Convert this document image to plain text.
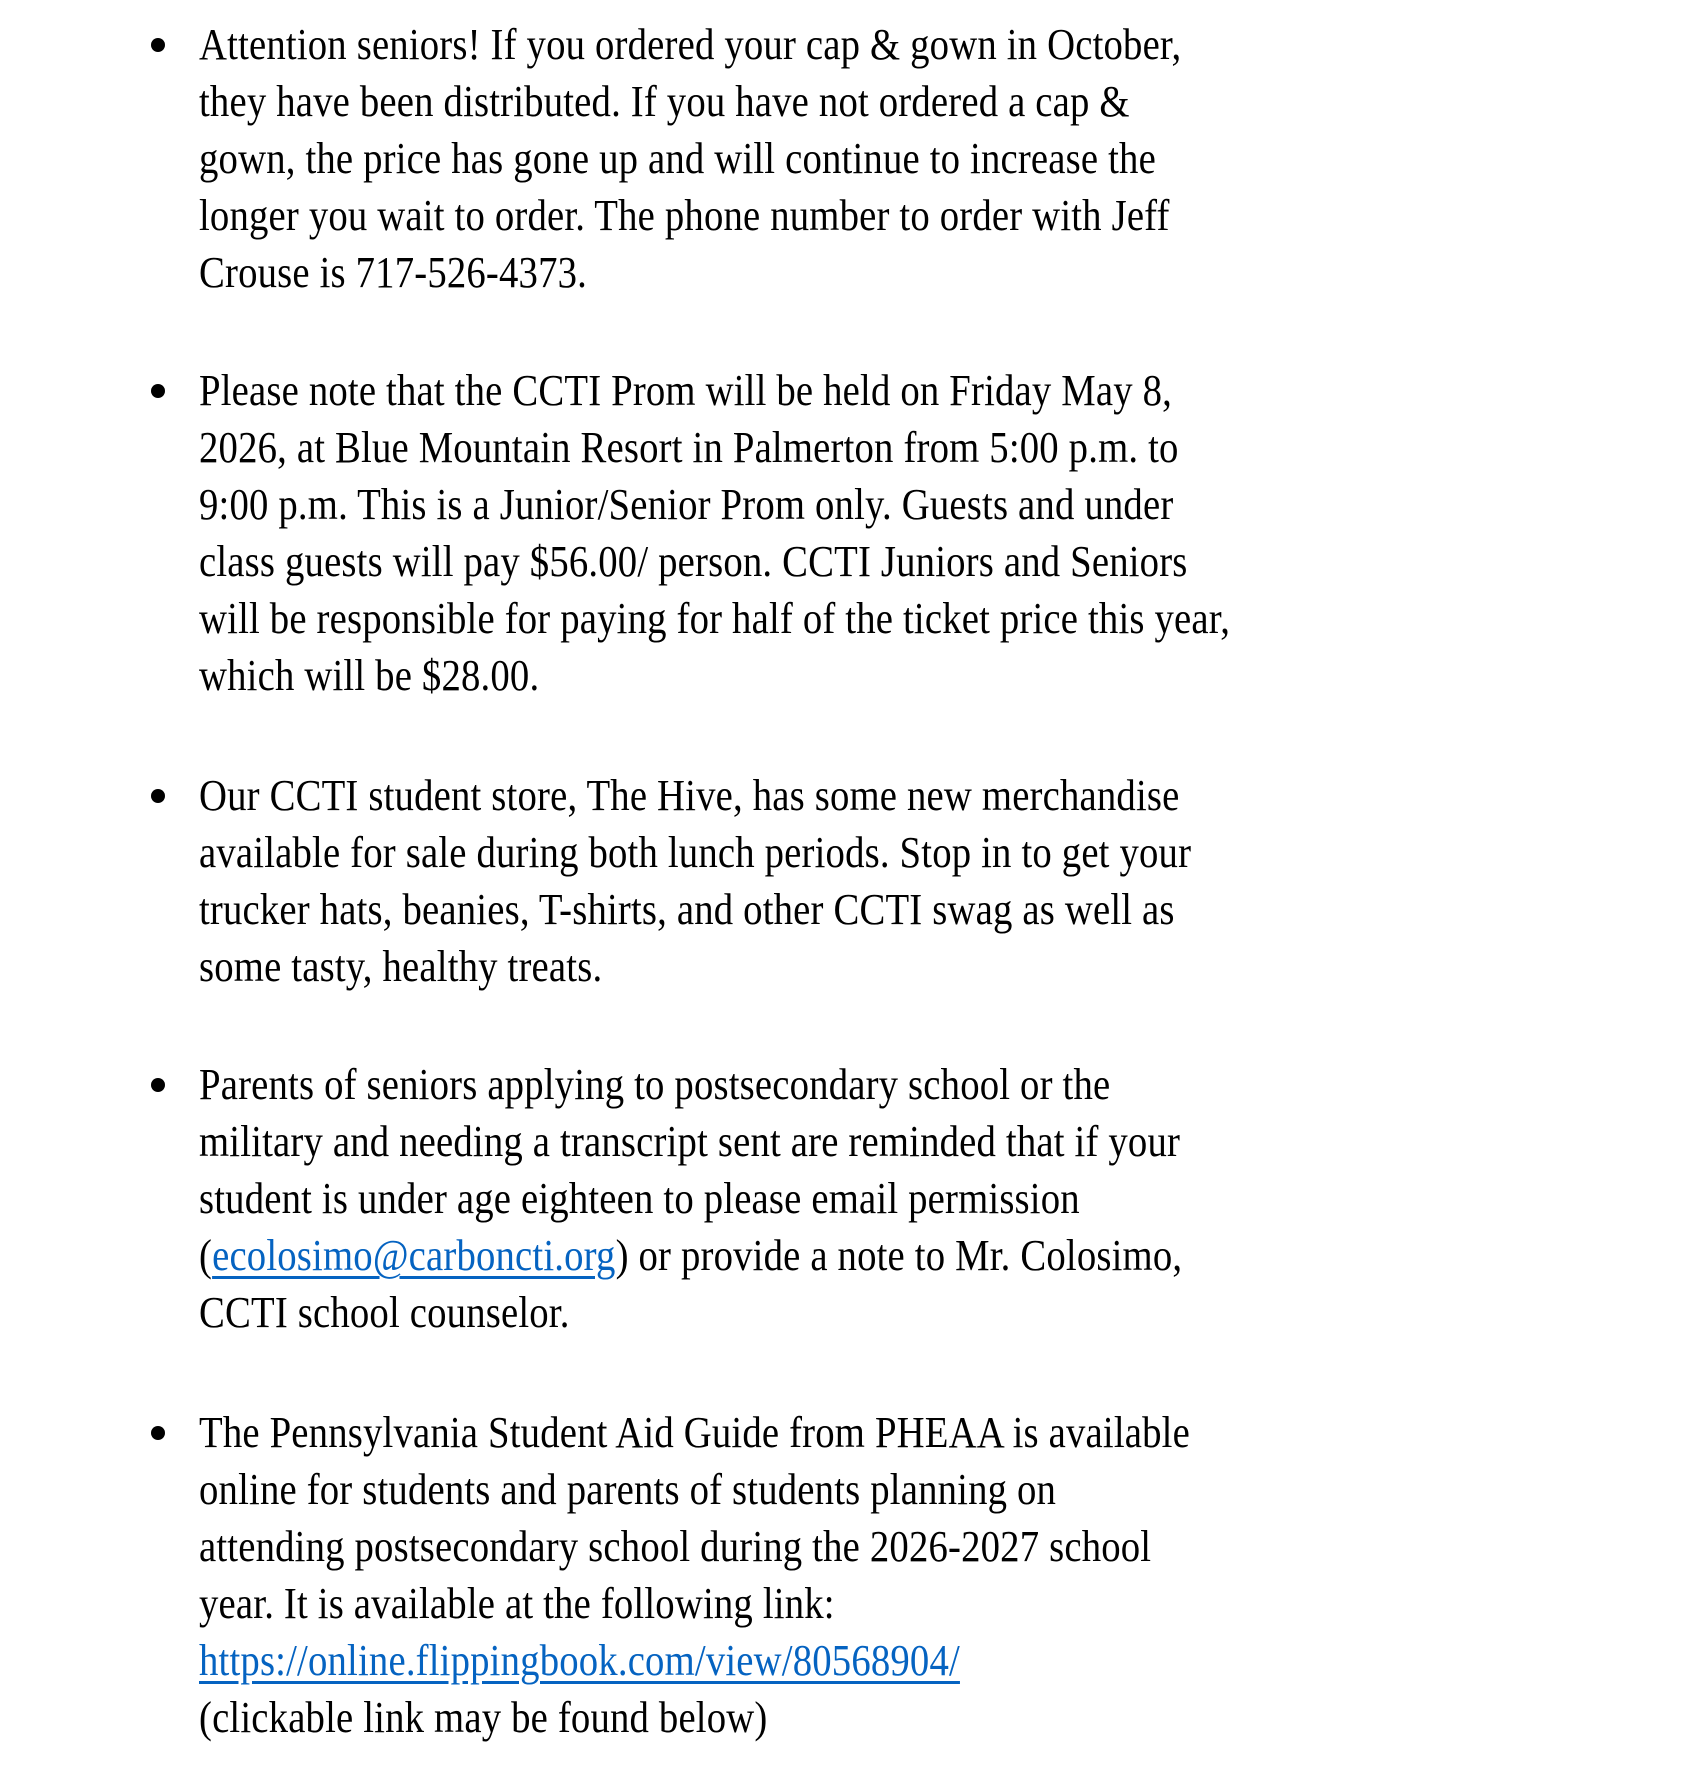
Attention seniors! If you ordered your cap & gown in October,
they have been distributed. If you have not ordered a cap &
gown, the price has gone up and will continue to increase the
longer you wait to order. The phone number to order with Jeff
Crouse is 717-526-4373.
Please note that the CCTI Prom will be held on Friday May 8,
2026, at Blue Mountain Resort in Palmerton from 5:00 p.m. to
9:00 p.m. This is a Junior/Senior Prom only. Guests and under
class guests will pay $56.00/ person. CCTI Juniors and Seniors
will be responsible for paying for half of the ticket price this year,
which will be $28.00.
Our CCTI student store, The Hive, has some new merchandise
available for sale during both lunch periods. Stop in to get your
trucker hats, beanies, T-shirts, and other CCTI swag as well as
some tasty, healthy treats.
Parents of seniors applying to postsecondary school or the
military and needing a transcript sent are reminded that if your
student is under age eighteen to please email permission
(ecolosimo@carboncti.org) or provide a note to Mr. Colosimo,
CCTI school counselor.
The Pennsylvania Student Aid Guide from PHEAA is available
online for students and parents of students planning on
attending postsecondary school during the 2026-2027 school
year. It is available at the following link:
https://online.flippingbook.com/view/80568904/
(clickable link may be found below)
